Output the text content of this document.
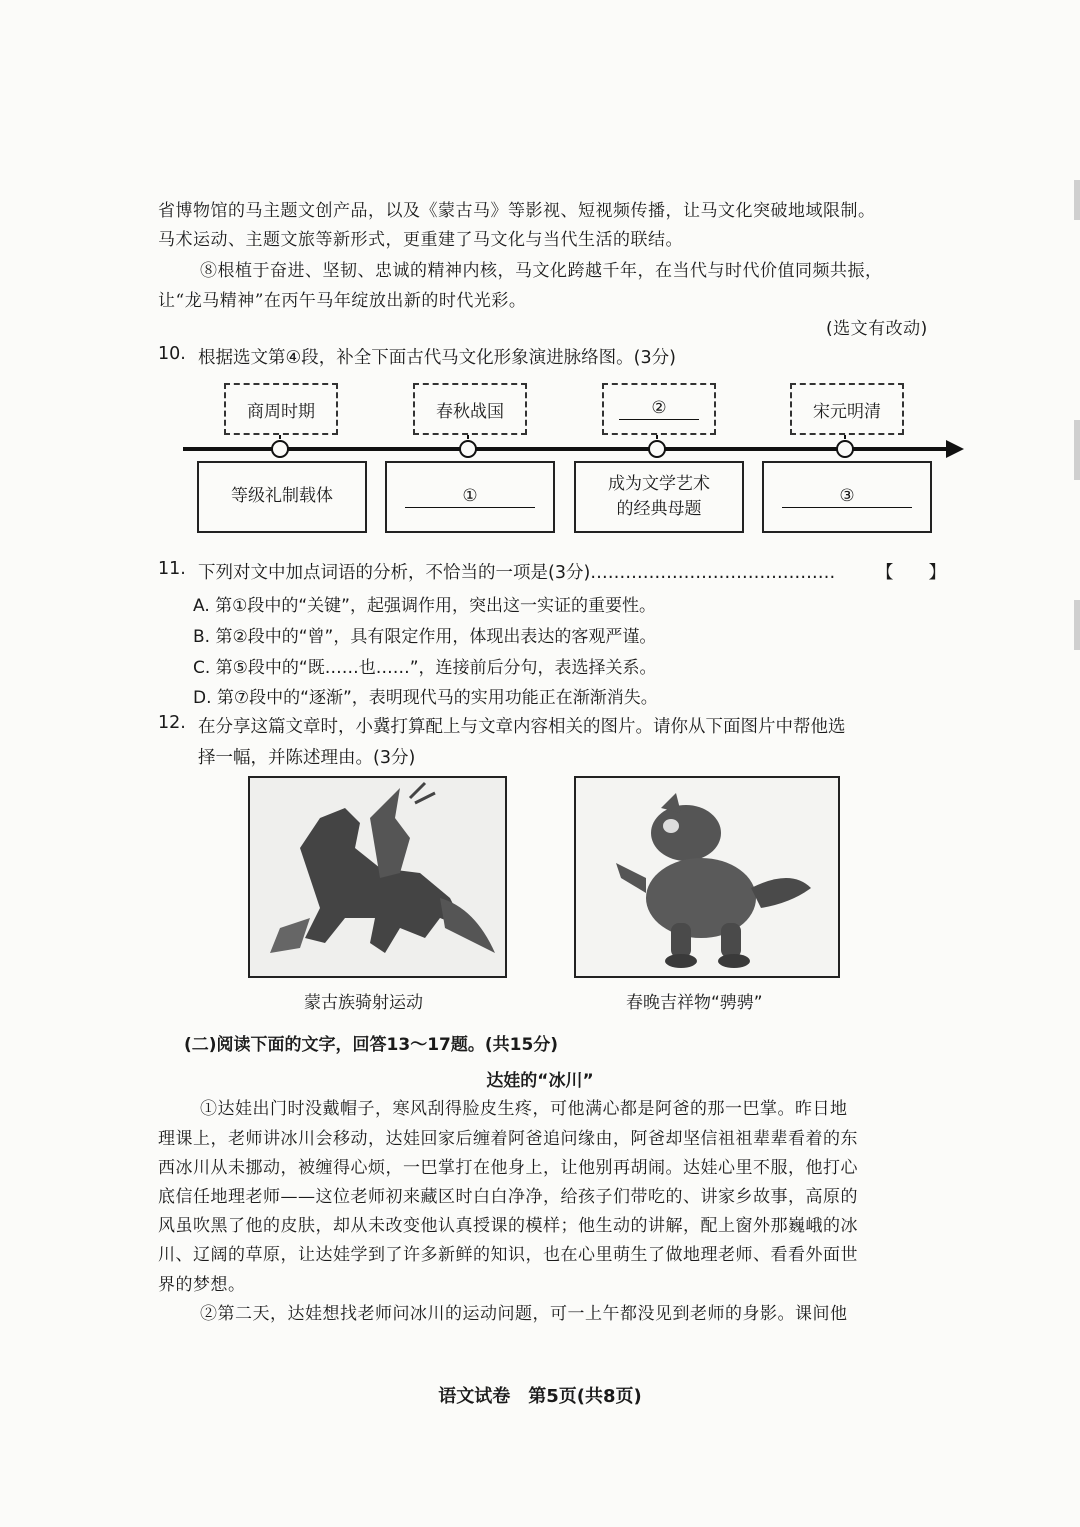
省博物馆的马主题文创产品，以及《蒙古马》等影视、短视频传播，让马文化突破地域限制。
马术运动、主题文旅等新形式，更重建了马文化与当代生活的联结。
⑧根植于奋进、坚韧、忠诚的精神内核，马文化跨越千年，在当代与时代价值同频共振，
让“龙马精神”在丙午马年绽放出新的时代光彩。
(选文有改动)
10. 根据选文第④段，补全下面古代马文化形象演进脉络图。(3分)
商周时期	春秋战国	②	宋元明清
等级礼制载体	①
成为文学艺术
的经典母题
③
11. 下列对文中加点词语的分析，不恰当的一项是(3分)…………………………………… 【　　】
A. 第①段中的“关键”，起强调作用，突出这一实证的重要性。
B. 第②段中的“曾”，具有限定作用，体现出表达的客观严谨。
C. 第⑤段中的“既……也……”，连接前后分句，表选择关系。
D. 第⑦段中的“逐渐”，表明现代马的实用功能正在渐渐消失。
12. 在分享这篇文章时，小冀打算配上与文章内容相关的图片。请你从下面图片中帮他选
择一幅，并陈述理由。(3分)
蒙古族骑射运动	春晚吉祥物“骋骋”
(二)阅读下面的文字，回答13～17题。(共15分)
达娃的“冰川”
①达娃出门时没戴帽子，寒风刮得脸皮生疼，可他满心都是阿爸的那一巴掌。昨日地
理课上，老师讲冰川会移动，达娃回家后缠着阿爸追问缘由，阿爸却坚信祖祖辈辈看着的东
西冰川从未挪动，被缠得心烦，一巴掌打在他身上，让他别再胡闹。达娃心里不服，他打心
底信任地理老师——这位老师初来藏区时白白净净，给孩子们带吃的、讲家乡故事，高原的
风虽吹黑了他的皮肤，却从未改变他认真授课的模样；他生动的讲解，配上窗外那巍峨的冰
川、辽阔的草原，让达娃学到了许多新鲜的知识，也在心里萌生了做地理老师、看看外面世
界的梦想。
②第二天，达娃想找老师问冰川的运动问题，可一上午都没见到老师的身影。课间他
语文试卷　第5页(共8页)
